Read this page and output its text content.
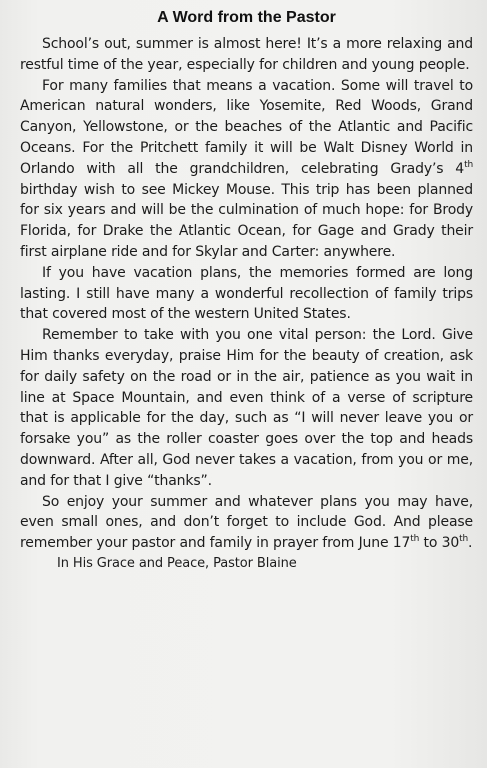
A Word from the Pastor

School’s out, summer is almost here! It’s a more relaxing and restful time of the year, especially for children and young people.

For many families that means a vacation. Some will travel to American natural wonders, like Yosemite, Red Woods, Grand Canyon, Yellowstone, or the beaches of the Atlantic and Pacific Oceans. For the Pritchett family it will be Walt Disney World in Orlando with all the grandchildren, celebrating Grady’s 4th birthday wish to see Mickey Mouse. This trip has been planned for six years and will be the culmination of much hope: for Brody Florida, for Drake the Atlantic Ocean, for Gage and Grady their first airplane ride and for Skylar and Carter: anywhere.

If you have vacation plans, the memories formed are long lasting. I still have many a wonderful recollection of family trips that covered most of the western United States.

Remember to take with you one vital person: the Lord. Give Him thanks everyday, praise Him for the beauty of creation, ask for daily safety on the road or in the air, patience as you wait in line at Space Mountain, and even think of a verse of scripture that is applicable for the day, such as “I will never leave you or forsake you” as the roller coaster goes over the top and heads downward. After all, God never takes a vacation, from you or me, and for that I give “thanks”.

So enjoy your summer and whatever plans you may have, even small ones, and don’t forget to include God. And please remember your pastor and family in prayer from June 17th to 30th.

In His Grace and Peace, Pastor Blaine
